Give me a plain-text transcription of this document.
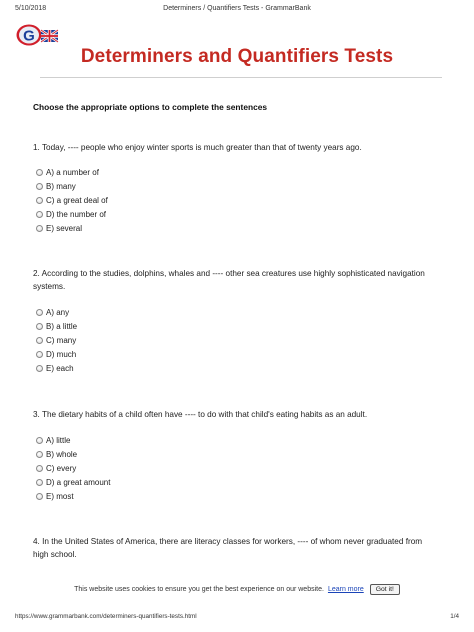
5/10/2018	Determiners / Quantifiers Tests - GrammarBank
G
Determiners and Quantifiers Tests
Choose the appropriate options to complete the sentences
1. Today, ---- people who enjoy winter sports is much greater than that of twenty years ago.
A) a number of
B) many
C) a great deal of
D) the number of
E) several
2. According to the studies, dolphins, whales and ---- other sea creatures use highly sophisticated navigation systems.
A) any
B) a little
C) many
D) much
E) each
3. The dietary habits of a child often have ---- to do with that child's eating habits as an adult.
A) little
B) whole
C) every
D) a great amount
E) most
4. In the United States of America, there are literacy classes for workers, ---- of whom never graduated from high school.
This website uses cookies to ensure you get the best experience on our website. Learn more	Got it!
https://www.grammarbank.com/determiners-quantifiers-tests.html	1/4
